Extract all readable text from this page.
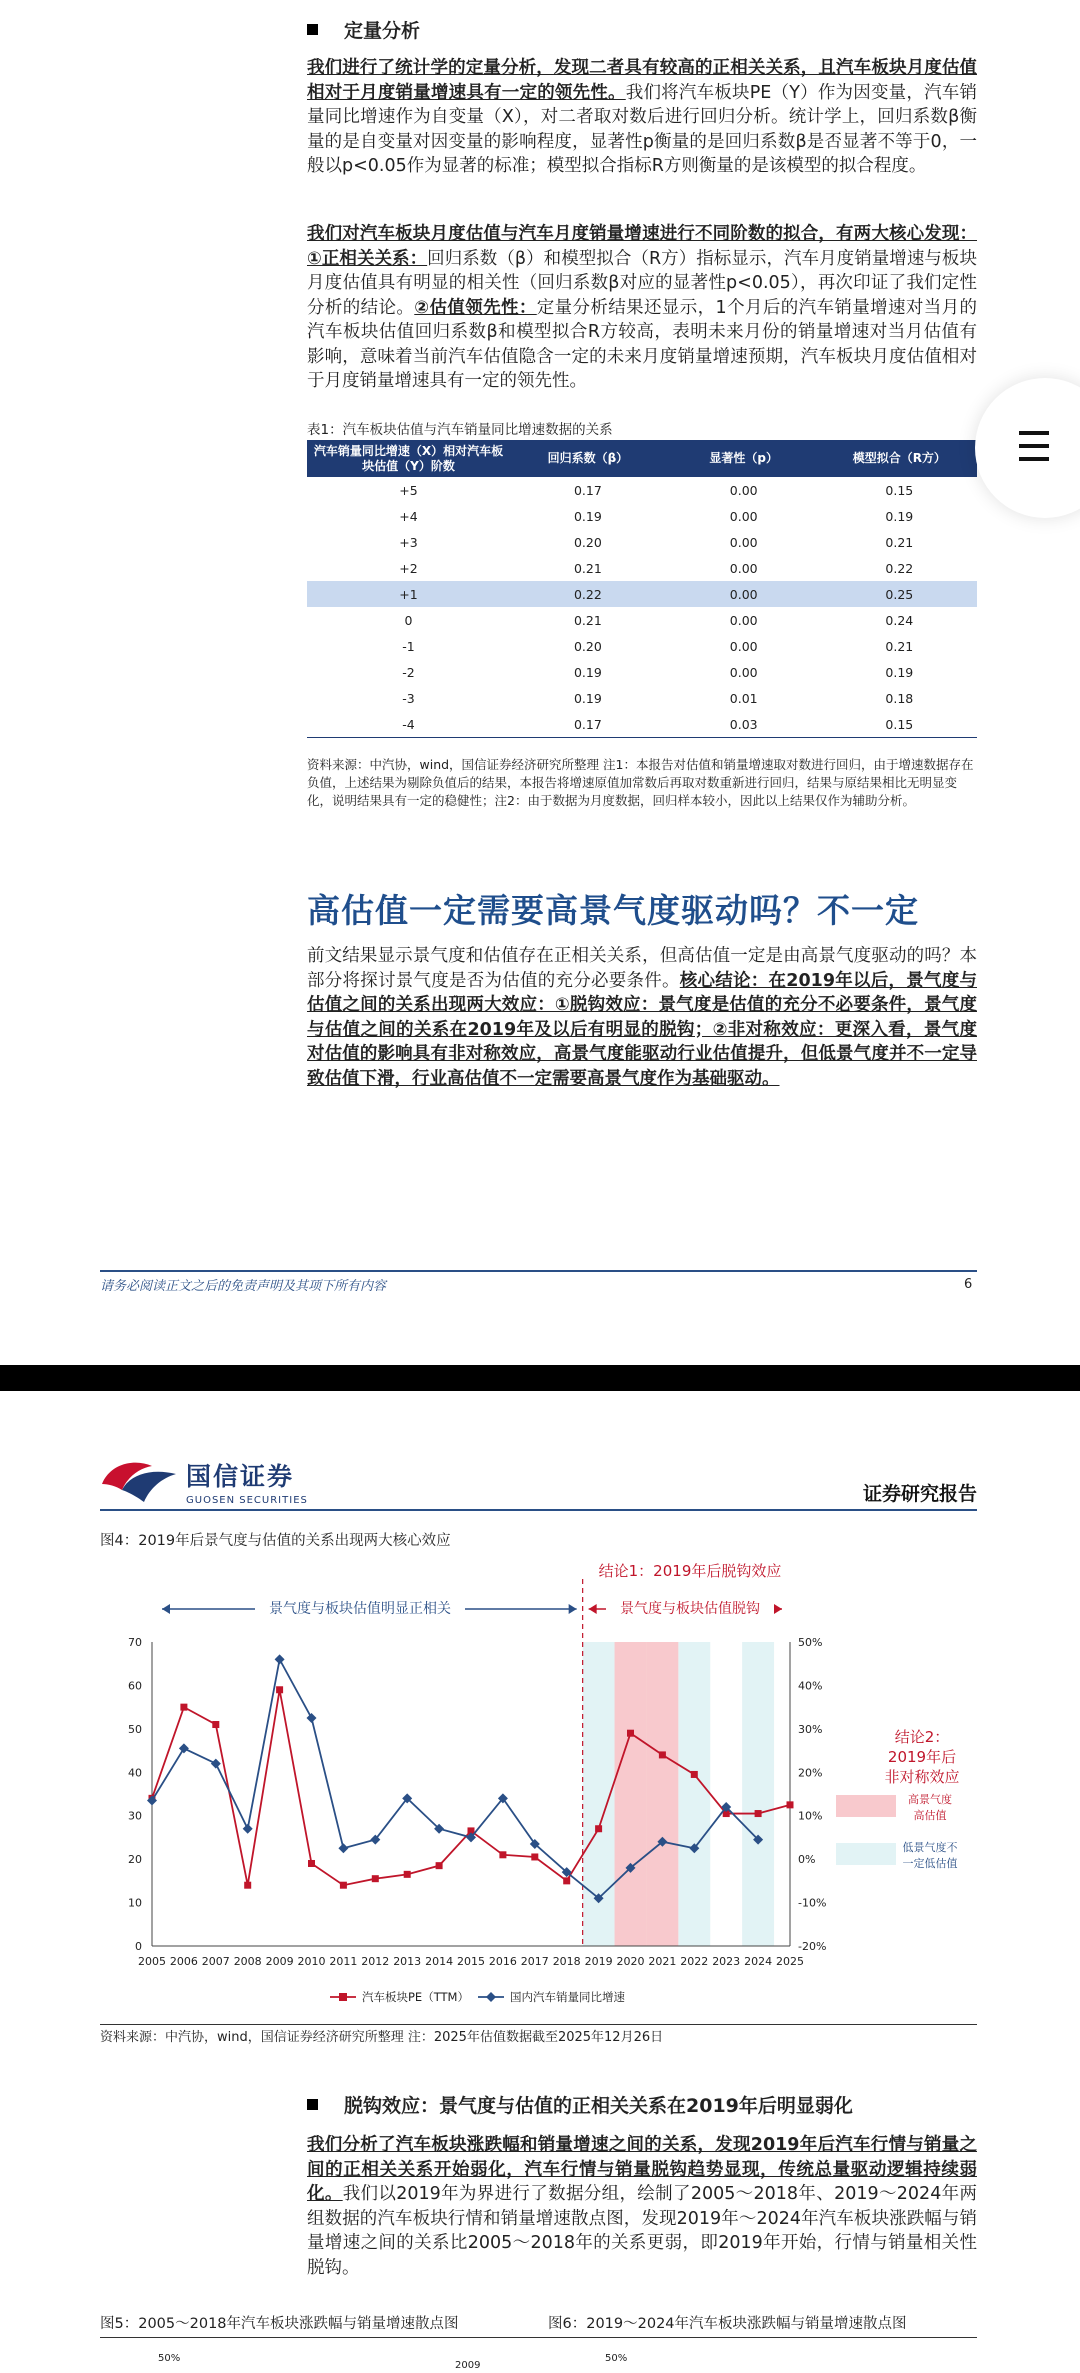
定量分析
我们进行了统计学的定量分析，发现二者具有较高的正相关关系，且汽车板块月度估值相对于月度销量增速具有一定的领先性。我们将汽车板块PE（Y）作为因变量，汽车销量同比增速作为自变量（X），对二者取对数后进行回归分析。统计学上，回归系数β衡量的是自变量对因变量的影响程度，显著性p衡量的是回归系数β是否显著不等于0，一般以p<0.05作为显著的标准；模型拟合指标R方则衡量的是该模型的拟合程度。
我们对汽车板块月度估值与汽车月度销量增速进行不同阶数的拟合，有两大核心发现：①正相关关系：回归系数（β）和模型拟合（R方）指标显示，汽车月度销量增速与板块月度估值具有明显的相关性（回归系数β对应的显著性p<0.05），再次印证了我们定性分析的结论。②估值领先性：定量分析结果还显示，1个月后的汽车销量增速对当月的汽车板块估值回归系数β和模型拟合R方较高，表明未来月份的销量增速对当月估值有影响，意味着当前汽车估值隐含一定的未来月度销量增速预期，汽车板块月度估值相对于月度销量增速具有一定的领先性。
表1：汽车板块估值与汽车销量同比增速数据的关系
汽车销量同比增速（X）相对汽车板块估值（Y）阶数	回归系数（β）	显著性（p）	模型拟合（R方）
+5	0.17	0.00	0.15
+4	0.19	0.00	0.19
+3	0.20	0.00	0.21
+2	0.21	0.00	0.22
+1	0.22	0.00	0.25
0	0.21	0.00	0.24
-1	0.20	0.00	0.21
-2	0.19	0.00	0.19
-3	0.19	0.01	0.18
-4	0.17	0.03	0.15
资料来源：中汽协，wind，国信证券经济研究所整理 注1：本报告对估值和销量增速取对数进行回归，由于增速数据存在负值，上述结果为剔除负值后的结果，本报告将增速原值加常数后再取对数重新进行回归，结果与原结果相比无明显变化，说明结果具有一定的稳健性；注2：由于数据为月度数据，回归样本较小，因此以上结果仅作为辅助分析。
高估值一定需要高景气度驱动吗？不一定
前文结果显示景气度和估值存在正相关关系，但高估值一定是由高景气度驱动的吗？本部分将探讨景气度是否为估值的充分必要条件。核心结论：在2019年以后，景气度与估值之间的关系出现两大效应：①脱钩效应：景气度是估值的充分不必要条件，景气度与估值之间的关系在2019年及以后有明显的脱钩；②非对称效应：更深入看，景气度对估值的影响具有非对称效应，高景气度能驱动行业估值提升，但低景气度并不一定导致估值下滑，行业高估值不一定需要高景气度作为基础驱动。
请务必阅读正文之后的免责声明及其项下所有内容	6
国信证券
GUOSEN SECURITIES	证券研究报告
图4：2019年后景气度与估值的关系出现两大核心效应
0
10
20
30
40
50
60
70
-20%
-10%
0%
10%
20%
30%
40%
50%
2005 2006 2007 2008 2009 2010 2011 2012 2013 2014 2015 2016 2017 2018 2019 2020 2021 2022 2023 2024 2025
景气度与板块估值明显正相关
结论1：2019年后脱钩效应
景气度与板块估值脱钩
结论2：
2019年后
非对称效应
高景气度
高估值
低景气度不
一定低估值
汽车板块PE（TTM）	国内汽车销量同比增速
资料来源：中汽协，wind，国信证券经济研究所整理 注：2025年估值数据截至2025年12月26日
脱钩效应：景气度与估值的正相关关系在2019年后明显弱化
我们分析了汽车板块涨跌幅和销量增速之间的关系，发现2019年后汽车行情与销量之间的正相关关系开始弱化，汽车行情与销量脱钩趋势显现，传统总量驱动逻辑持续弱化。我们以2019年为界进行了数据分组，绘制了2005～2018年、2019～2024年两组数据的汽车板块行情和销量增速散点图，发现2019年～2024年汽车板块涨跌幅与销量增速之间的关系比2005～2018年的关系更弱，即2019年开始，行情与销量相关性脱钩。
图5：2005～2018年汽车板块涨跌幅与销量增速散点图	图6：2019～2024年汽车板块涨跌幅与销量增速散点图
50%
2009
50%
